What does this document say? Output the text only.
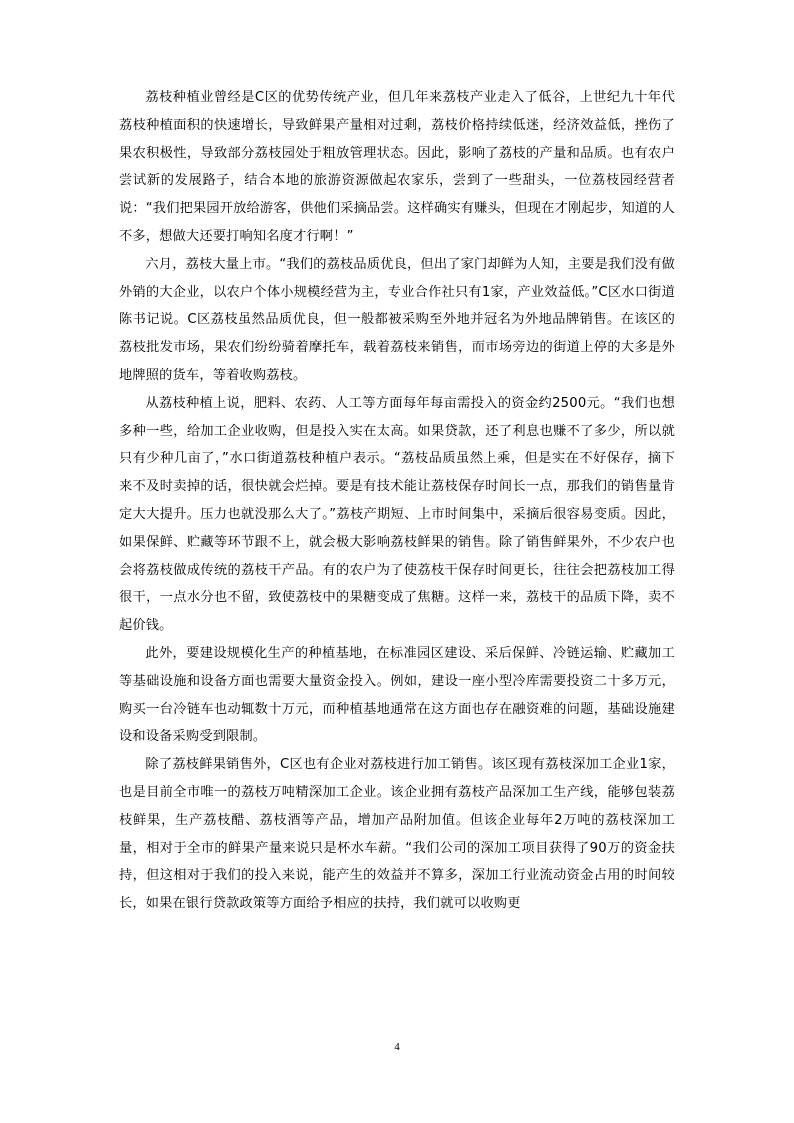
荔枝种植业曾经是C区的优势传统产业，但几年来荔枝产业走入了低谷，上世纪九十年代荔枝种植面积的快速增长，导致鲜果产量相对过剩，荔枝价格持续低迷，经济效益低，挫伤了果农积极性，导致部分荔枝园处于粗放管理状态。因此，影响了荔枝的产量和品质。也有农户尝试新的发展路子，结合本地的旅游资源做起农家乐，尝到了一些甜头，一位荔枝园经营者说：“我们把果园开放给游客，供他们采摘品尝。这样确实有赚头，但现在才刚起步，知道的人不多，想做大还要打响知名度才行啊！”

六月，荔枝大量上市。“我们的荔枝品质优良，但出了家门却鲜为人知，主要是我们没有做外销的大企业，以农户个体小规模经营为主，专业合作社只有1家，产业效益低。”C区水口街道陈书记说。C区荔枝虽然品质优良，但一般都被采购至外地并冠名为外地品牌销售。在该区的荔枝批发市场，果农们纷纷骑着摩托车，载着荔枝来销售，而市场旁边的街道上停的大多是外地牌照的货车，等着收购荔枝。

从荔枝种植上说，肥料、农药、人工等方面每年每亩需投入的资金约2500元。“我们也想多种一些，给加工企业收购，但是投入实在太高。如果贷款，还了利息也赚不了多少，所以就只有少种几亩了，”水口街道荔枝种植户表示。“荔枝品质虽然上乘，但是实在不好保存，摘下来不及时卖掉的话，很快就会烂掉。要是有技术能让荔枝保存时间长一点，那我们的销售量肯定大大提升。压力也就没那么大了。”荔枝产期短、上市时间集中，采摘后很容易变质。因此，如果保鲜、贮藏等环节跟不上，就会极大影响荔枝鲜果的销售。除了销售鲜果外，不少农户也会将荔枝做成传统的荔枝干产品。有的农户为了使荔枝干保存时间更长，往往会把荔枝加工得很干，一点水分也不留，致使荔枝中的果糖变成了焦糖。这样一来，荔枝干的品质下降，卖不起价钱。

此外，要建设规模化生产的种植基地，在标准园区建设、采后保鲜、冷链运输、贮藏加工等基础设施和设备方面也需要大量资金投入。例如，建设一座小型冷库需要投资二十多万元，购买一台冷链车也动辄数十万元，而种植基地通常在这方面也存在融资难的问题，基础设施建设和设备采购受到限制。

除了荔枝鲜果销售外，C区也有企业对荔枝进行加工销售。该区现有荔枝深加工企业1家，也是目前全市唯一的荔枝万吨精深加工企业。该企业拥有荔枝产品深加工生产线，能够包装荔枝鲜果，生产荔枝醋、荔枝酒等产品，增加产品附加值。但该企业每年2万吨的荔枝深加工量，相对于全市的鲜果产量来说只是杯水车薪。“我们公司的深加工项目获得了90万的资金扶持，但这相对于我们的投入来说，能产生的效益并不算多，深加工行业流动资金占用的时间较长，如果在银行贷款政策等方面给予相应的扶持，我们就可以收购更

4
